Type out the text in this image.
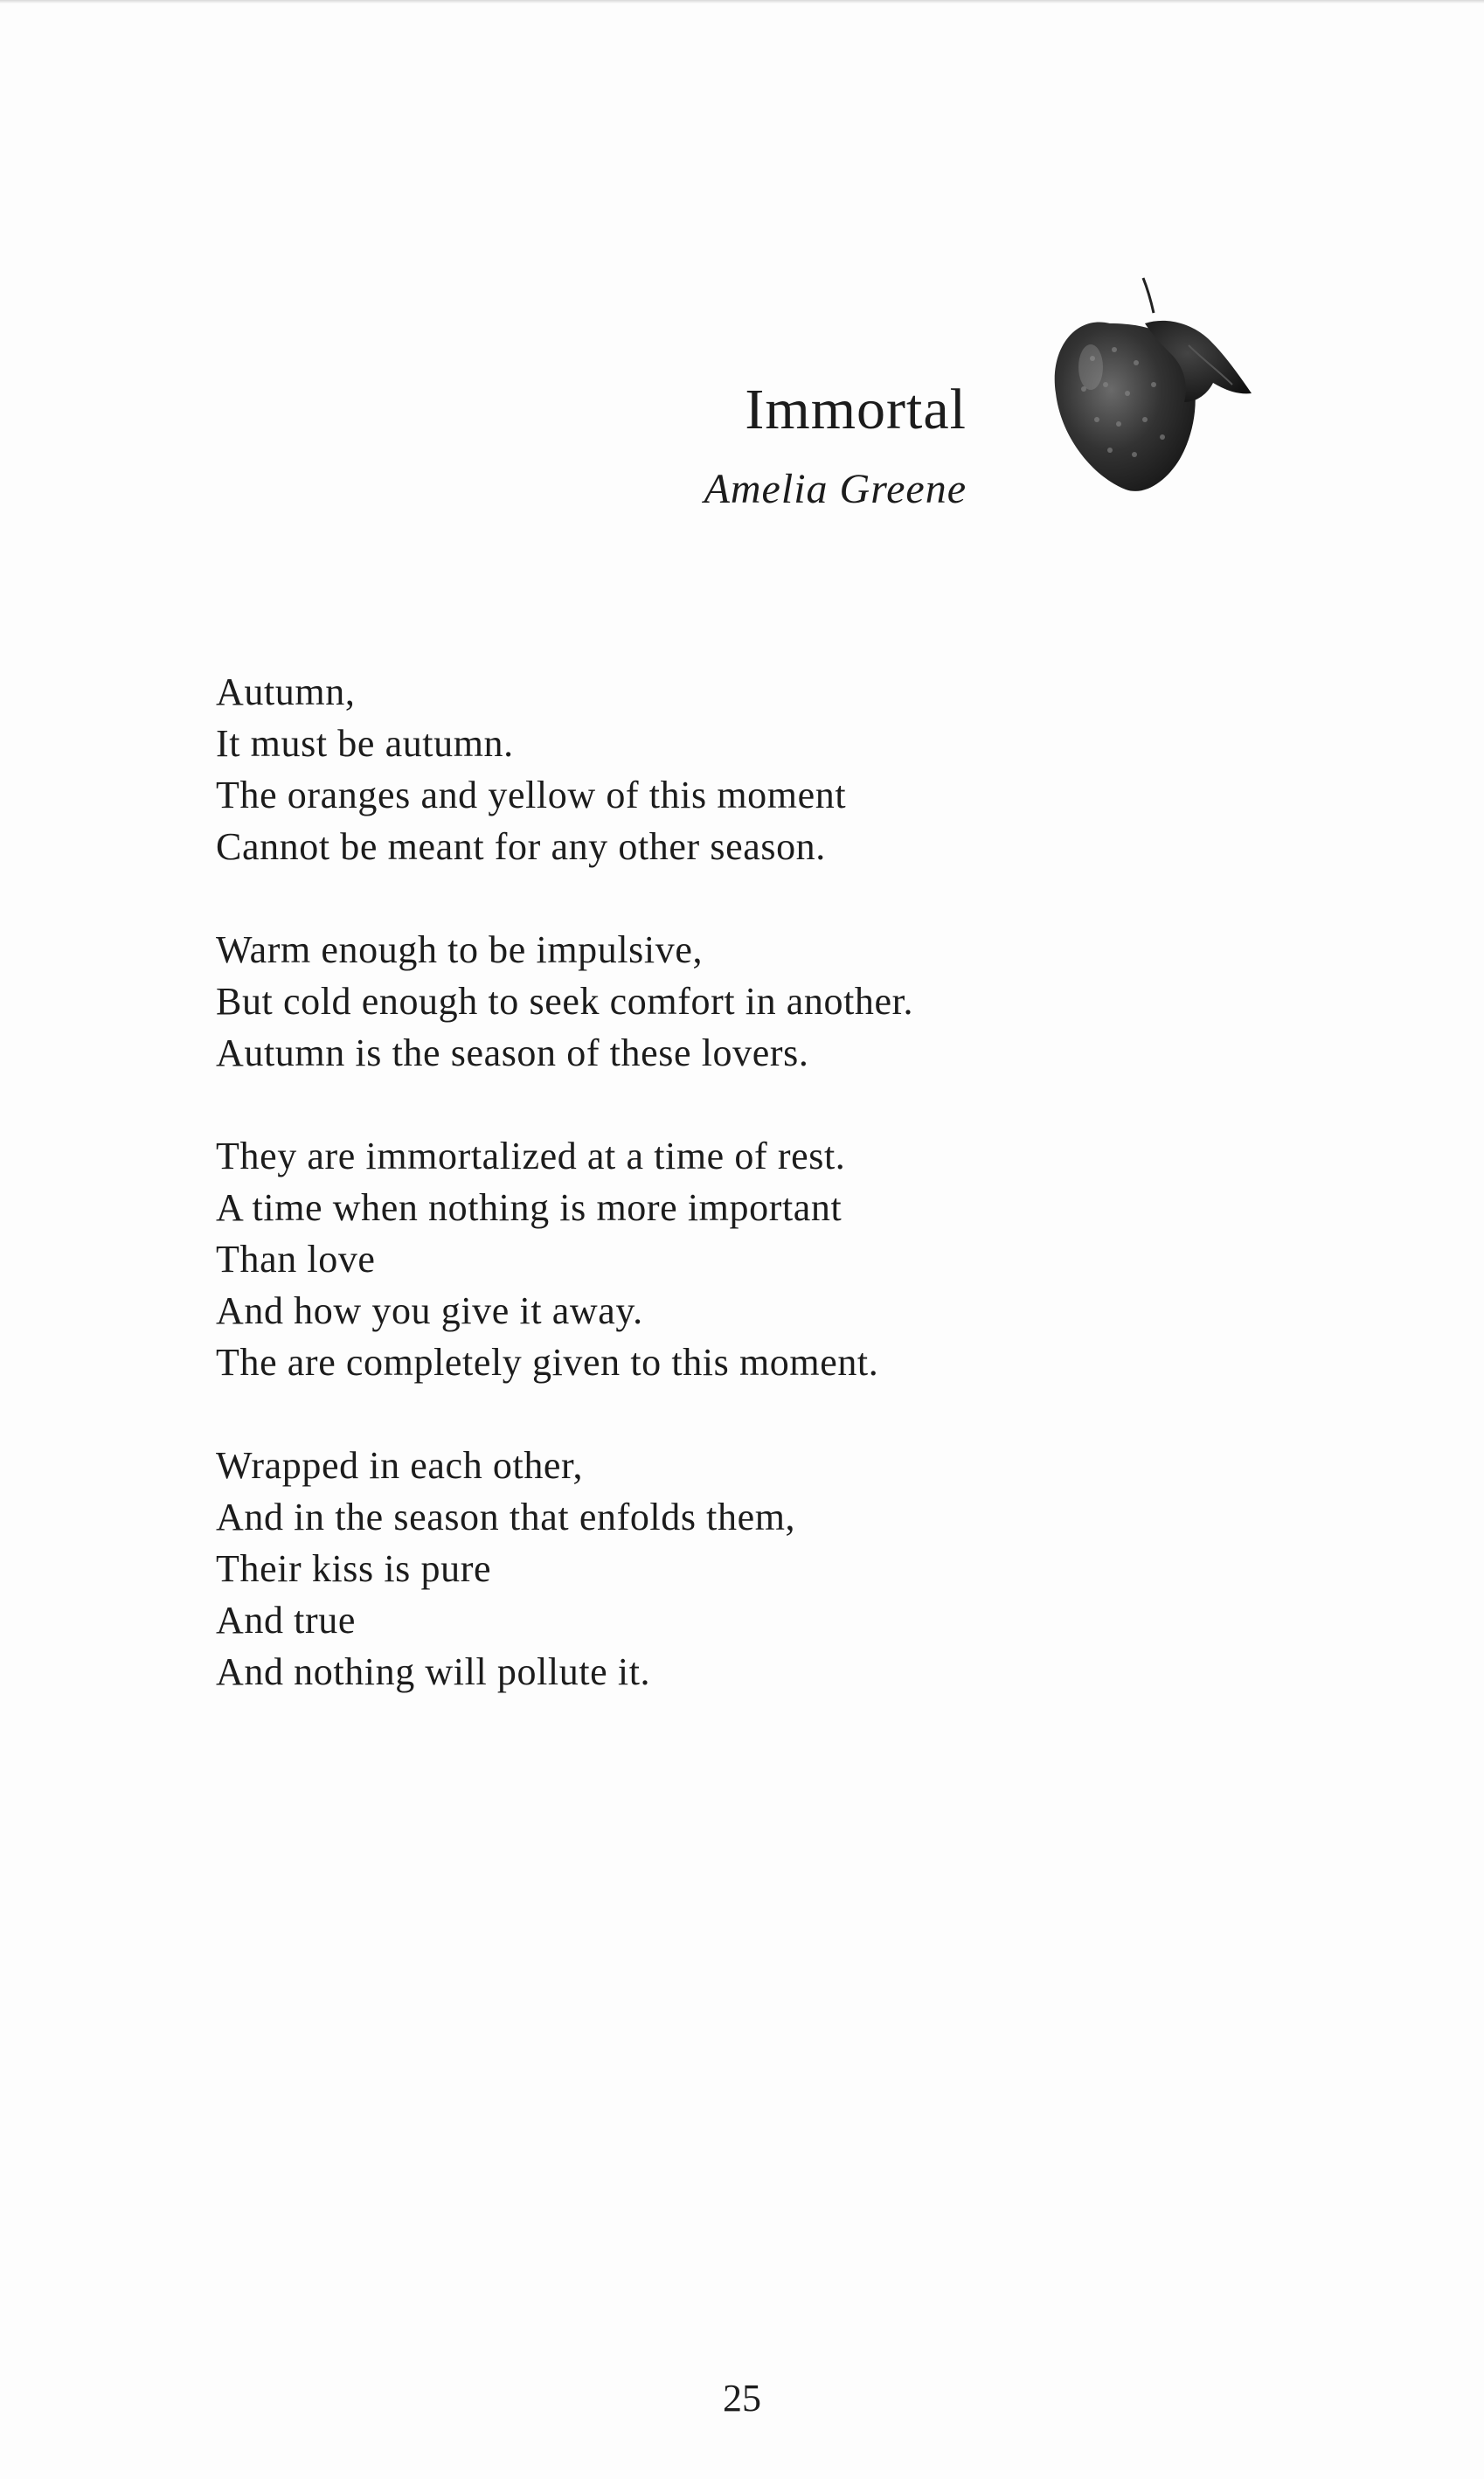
Immortal
Amelia Greene
Autumn,
It must be autumn.
The oranges and yellow of this moment
Cannot be meant for any other season.
Warm enough to be impulsive,
But cold enough to seek comfort in another.
Autumn is the season of these lovers.
They are immortalized at a time of rest.
A time when nothing is more important
Than love
And how you give it away.
The are completely given to this moment.
Wrapped in each other,
And in the season that enfolds them,
Their kiss is pure
And true
And nothing will pollute it.
25
